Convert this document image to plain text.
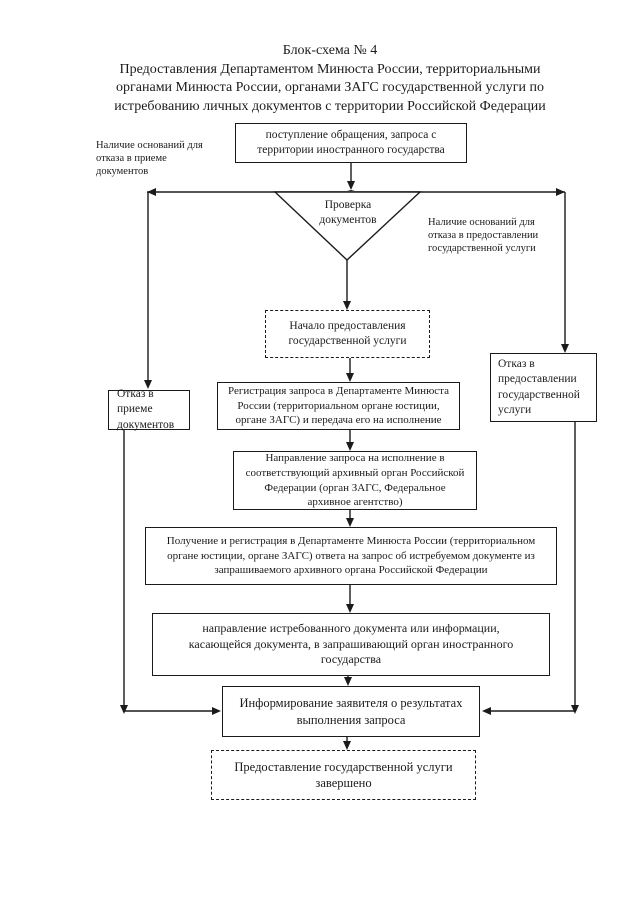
Блок-схема № 4
Предоставления Департаментом Минюста России, территориальными
органами Минюста России, органами ЗАГС государственной услуги по
истребованию личных документов с территории Российской Федерации
поступление обращения, запроса с
территории иностранного государства
Проверка
документов
Наличие оснований для
отказа в приеме
документов
Наличие оснований для
отказа в предоставлении
государственной услуги
Начало предоставления
государственной услуги
Отказ в приеме
документов
Отказ в
предоставлении
государственной
услуги
Регистрация запроса в Департаменте Минюста
России (территориальном органе юстиции,
органе ЗАГС) и передача его на исполнение
Направление запроса на исполнение в
соответствующий архивный орган Российской
Федерации (орган ЗАГС, Федеральное
архивное агентство)
Получение и регистрация в Департаменте Минюста России (территориальном
органе юстиции, органе ЗАГС) ответа на запрос об истребуемом документе из
запрашиваемого архивного органа Российской Федерации
направление истребованного документа или информации,
касающейся документа, в запрашивающий орган иностранного
государства
Информирование заявителя о результатах
выполнения запроса
Предоставление государственной услуги
завершено
